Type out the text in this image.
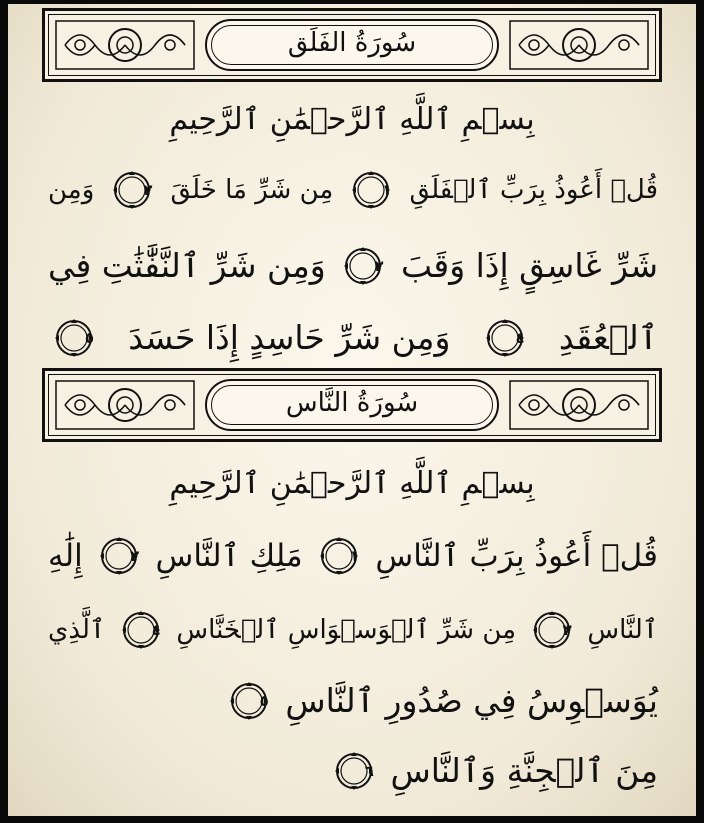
سُورَةُ الفَلَق
بِسۡمِ ٱللَّهِ ٱلرَّحۡمَٰنِ ٱلرَّحِيمِ
قُلۡ أَعُوذُ بِرَبِّ ٱلۡفَلَقِ
١
مِن شَرِّ مَا خَلَقَ
٢
وَمِن
شَرِّ غَاسِقٍ إِذَا وَقَبَ
٣
وَمِن شَرِّ ٱلنَّفَّٰثَٰتِ فِي
ٱلۡعُقَدِ
٤
وَمِن شَرِّ حَاسِدٍ إِذَا حَسَدَ
٥
سُورَةُ النَّاس
بِسۡمِ ٱللَّهِ ٱلرَّحۡمَٰنِ ٱلرَّحِيمِ
قُلۡ أَعُوذُ بِرَبِّ ٱلنَّاسِ
١
مَلِكِ ٱلنَّاسِ
٢
إِلَٰهِ
ٱلنَّاسِ
٣
مِن شَرِّ ٱلۡوَسۡوَاسِ ٱلۡخَنَّاسِ
٤
ٱلَّذِي
يُوَسۡوِسُ فِي صُدُورِ ٱلنَّاسِ
٥
مِنَ ٱلۡجِنَّةِ وَٱلنَّاسِ
٦
